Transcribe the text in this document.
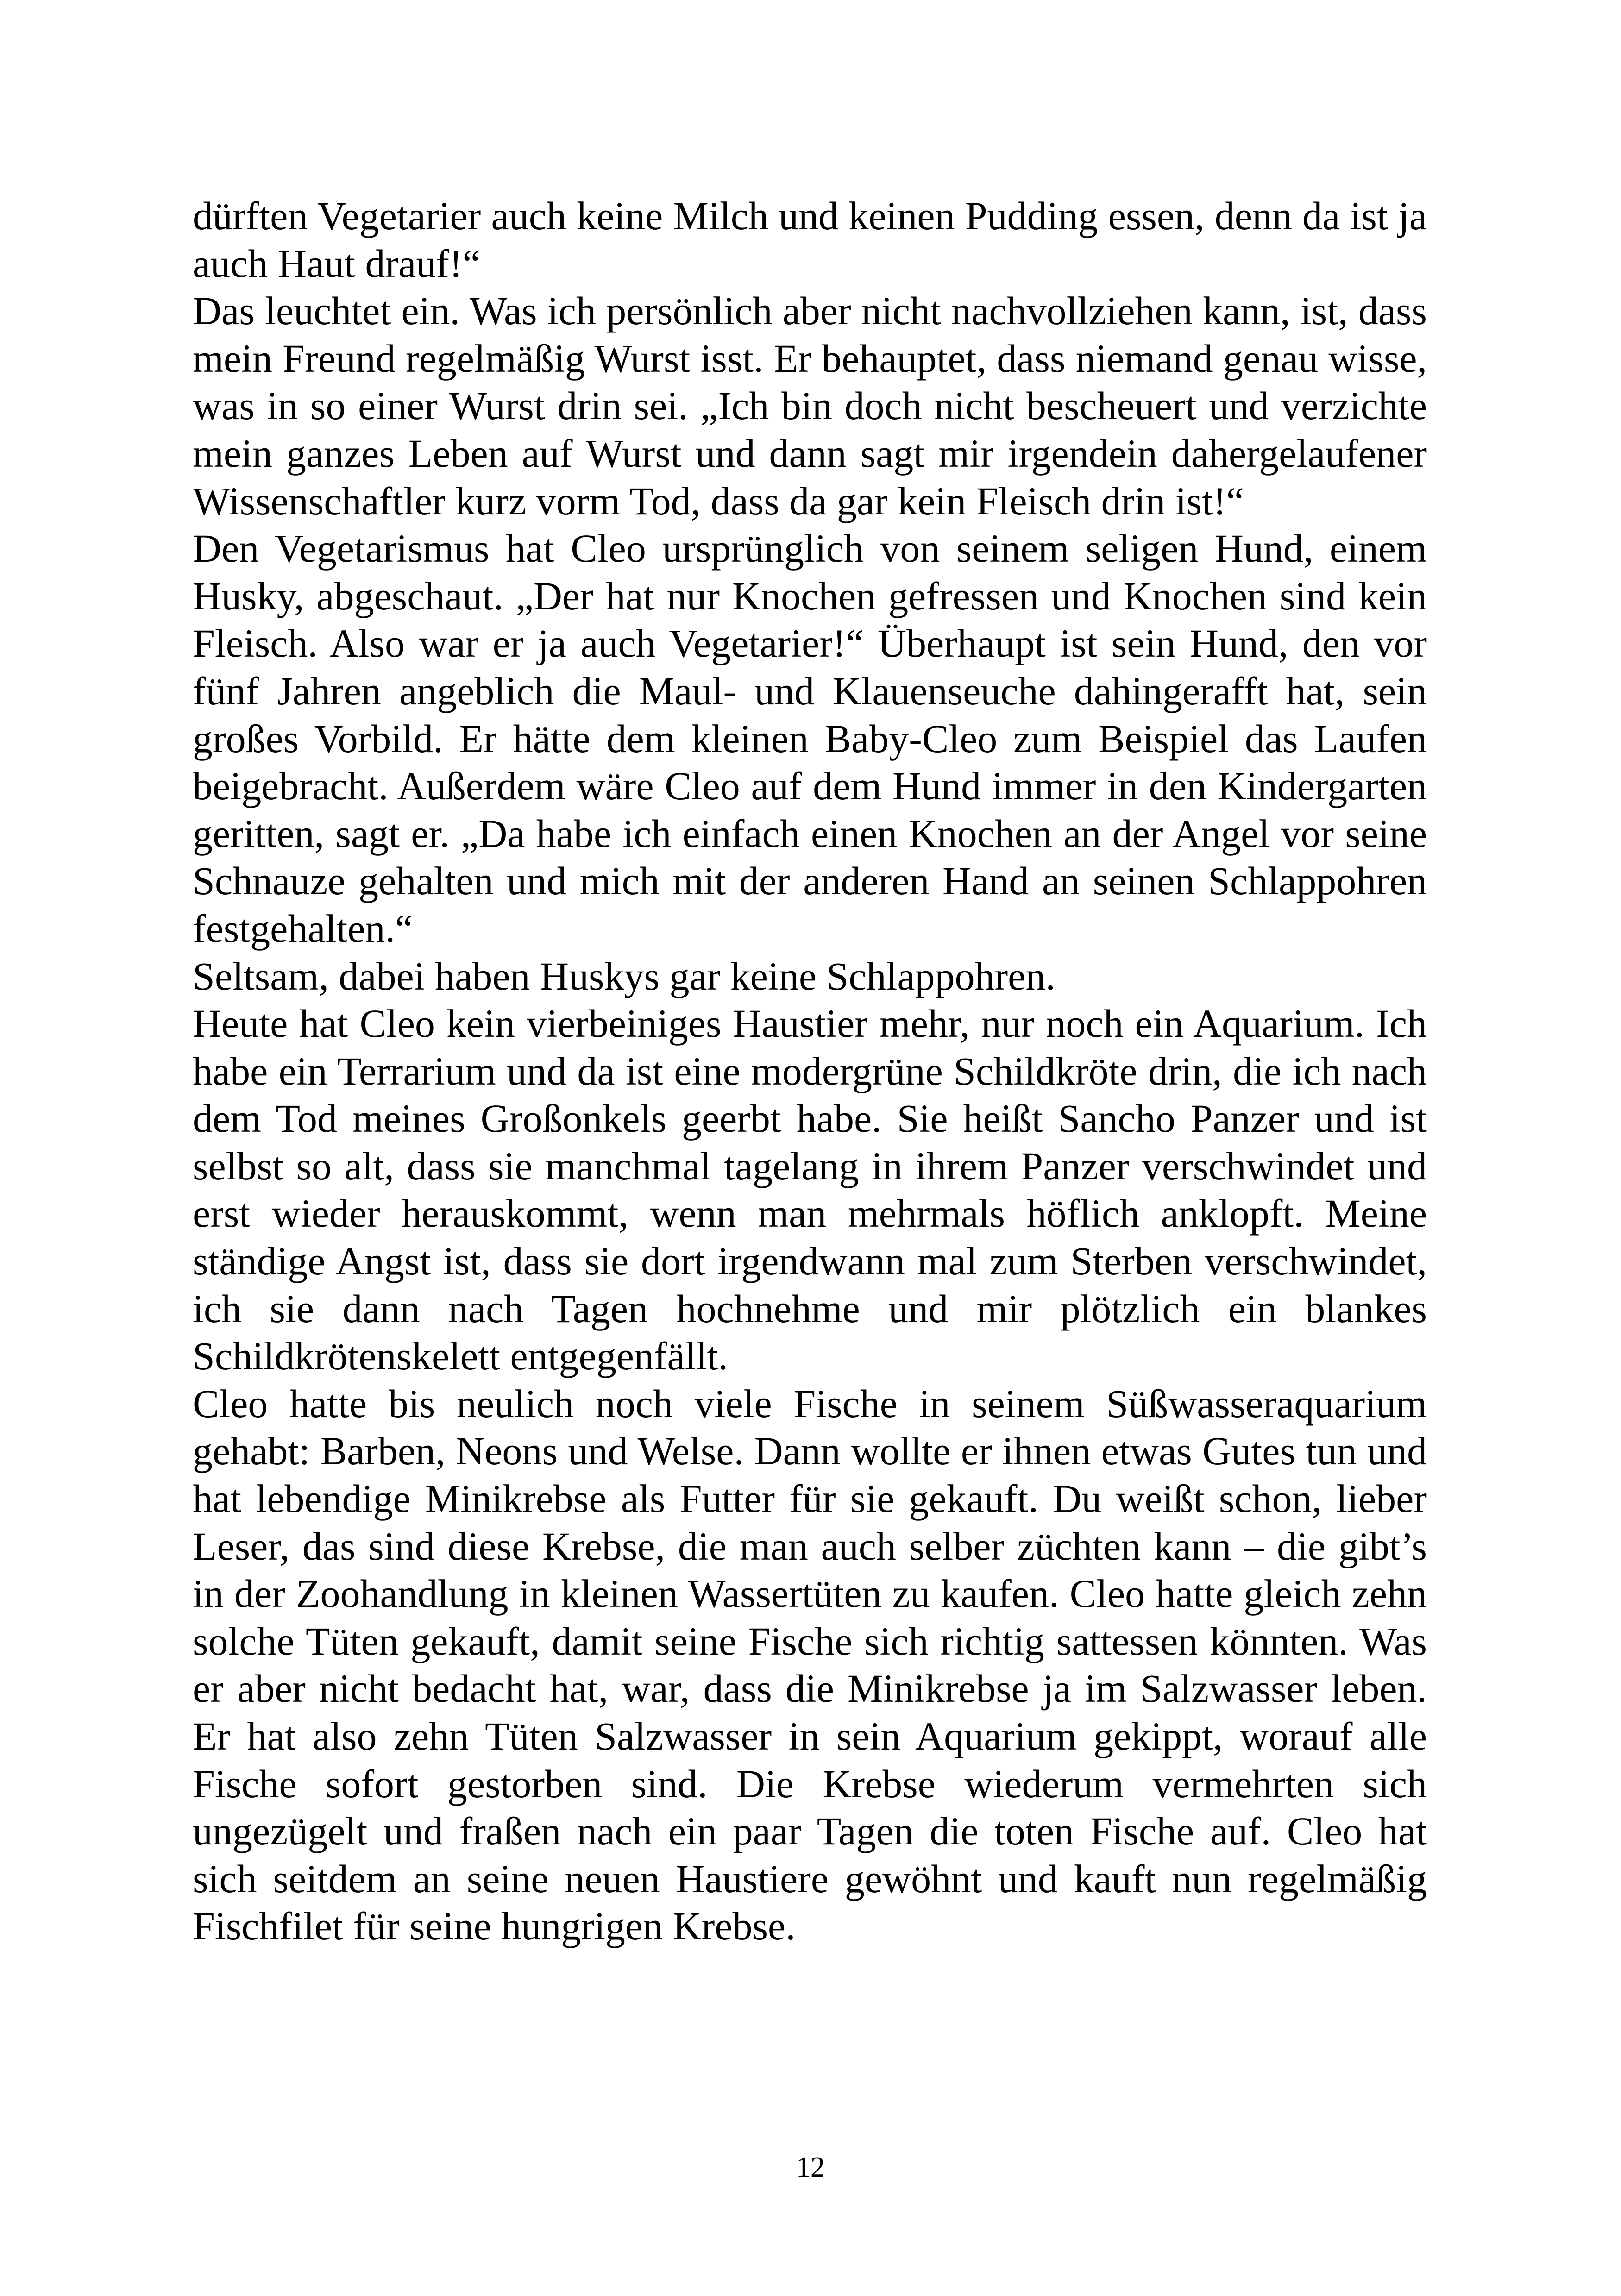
dürften Vegetarier auch keine Milch und keinen Pudding essen, denn da ist ja auch Haut drauf!“

Das leuchtet ein. Was ich persönlich aber nicht nachvollziehen kann, ist, dass mein Freund regelmäßig Wurst isst. Er behauptet, dass niemand genau wisse, was in so einer Wurst drin sei. „Ich bin doch nicht bescheuert und verzichte mein ganzes Leben auf Wurst und dann sagt mir irgendein dahergelaufener Wissenschaftler kurz vorm Tod, dass da gar kein Fleisch drin ist!“

Den Vegetarismus hat Cleo ursprünglich von seinem seligen Hund, einem Husky, abgeschaut. „Der hat nur Knochen gefressen und Knochen sind kein Fleisch. Also war er ja auch Vegetarier!“ Überhaupt ist sein Hund, den vor fünf Jahren angeblich die Maul- und Klauenseuche dahingerafft hat, sein großes Vorbild. Er hätte dem kleinen Baby-Cleo zum Beispiel das Laufen beigebracht. Außerdem wäre Cleo auf dem Hund immer in den Kindergarten geritten, sagt er. „Da habe ich einfach einen Knochen an der Angel vor seine Schnauze gehalten und mich mit der anderen Hand an seinen Schlappohren festgehalten.“

Seltsam, dabei haben Huskys gar keine Schlappohren.

Heute hat Cleo kein vierbeiniges Haustier mehr, nur noch ein Aquarium. Ich habe ein Terrarium und da ist eine modergrüne Schildkröte drin, die ich nach dem Tod meines Großonkels geerbt habe. Sie heißt Sancho Panzer und ist selbst so alt, dass sie manchmal tagelang in ihrem Panzer verschwindet und erst wieder herauskommt, wenn man mehrmals höflich anklopft. Meine ständige Angst ist, dass sie dort irgendwann mal zum Sterben verschwindet, ich sie dann nach Tagen hochnehme und mir plötzlich ein blankes Schildkrötenskelett entgegenfällt.

Cleo hatte bis neulich noch viele Fische in seinem Süßwasseraquarium gehabt: Barben, Neons und Welse. Dann wollte er ihnen etwas Gutes tun und hat lebendige Minikrebse als Futter für sie gekauft. Du weißt schon, lieber Leser, das sind diese Krebse, die man auch selber züchten kann – die gibt’s in der Zoohandlung in kleinen Wassertüten zu kaufen. Cleo hatte gleich zehn solche Tüten gekauft, damit seine Fische sich richtig sattessen könnten. Was er aber nicht bedacht hat, war, dass die Minikrebse ja im Salzwasser leben. Er hat also zehn Tüten Salzwasser in sein Aquarium gekippt, worauf alle Fische sofort gestorben sind. Die Krebse wiederum vermehrten sich ungezügelt und fraßen nach ein paar Tagen die toten Fische auf. Cleo hat sich seitdem an seine neuen Haustiere gewöhnt und kauft nun regelmäßig Fischfilet für seine hungrigen Krebse.

12
